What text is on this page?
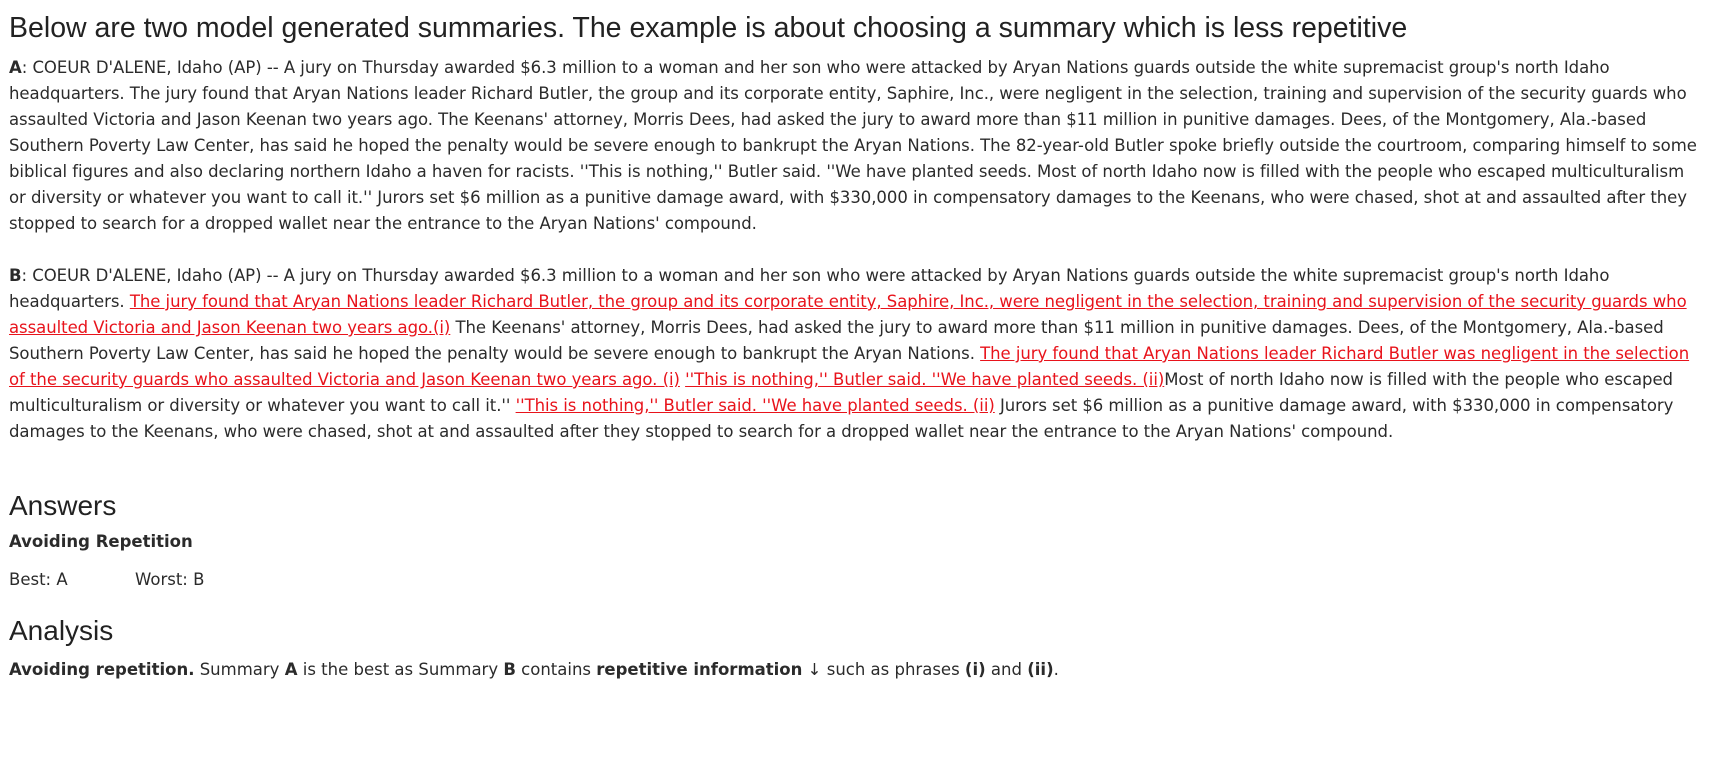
Below are two model generated summaries. The example is about choosing a summary which is less repetitive

A: COEUR D'ALENE, Idaho (AP) -- A jury on Thursday awarded $6.3 million to a woman and her son who were attacked by Aryan Nations guards outside the white supremacist group's north Idaho headquarters. The jury found that Aryan Nations leader Richard Butler, the group and its corporate entity, Saphire, Inc., were negligent in the selection, training and supervision of the security guards who assaulted Victoria and Jason Keenan two years ago. The Keenans' attorney, Morris Dees, had asked the jury to award more than $11 million in punitive damages. Dees, of the Montgomery, Ala.-based Southern Poverty Law Center, has said he hoped the penalty would be severe enough to bankrupt the Aryan Nations. The 82-year-old Butler spoke briefly outside the courtroom, comparing himself to some biblical figures and also declaring northern Idaho a haven for racists. ''This is nothing,'' Butler said. ''We have planted seeds. Most of north Idaho now is filled with the people who escaped multiculturalism or diversity or whatever you want to call it.'' Jurors set $6 million as a punitive damage award, with $330,000 in compensatory damages to the Keenans, who were chased, shot at and assaulted after they stopped to search for a dropped wallet near the entrance to the Aryan Nations' compound.

B: COEUR D'ALENE, Idaho (AP) -- A jury on Thursday awarded $6.3 million to a woman and her son who were attacked by Aryan Nations guards outside the white supremacist group's north Idaho headquarters. The jury found that Aryan Nations leader Richard Butler, the group and its corporate entity, Saphire, Inc., were negligent in the selection, training and supervision of the security guards who assaulted Victoria and Jason Keenan two years ago.(i) The Keenans' attorney, Morris Dees, had asked the jury to award more than $11 million in punitive damages. Dees, of the Montgomery, Ala.-based Southern Poverty Law Center, has said he hoped the penalty would be severe enough to bankrupt the Aryan Nations. The jury found that Aryan Nations leader Richard Butler was negligent in the selection of the security guards who assaulted Victoria and Jason Keenan two years ago. (i) ''This is nothing,'' Butler said. ''We have planted seeds. (ii)Most of north Idaho now is filled with the people who escaped multiculturalism or diversity or whatever you want to call it.'' ''This is nothing,'' Butler said. ''We have planted seeds. (ii) Jurors set $6 million as a punitive damage award, with $330,000 in compensatory damages to the Keenans, who were chased, shot at and assaulted after they stopped to search for a dropped wallet near the entrance to the Aryan Nations' compound.

Answers
Avoiding Repetition
Best: A	Worst: B
Analysis
Avoiding repetition. Summary A is the best as Summary B contains repetitive information ↓ such as phrases (i) and (ii).
